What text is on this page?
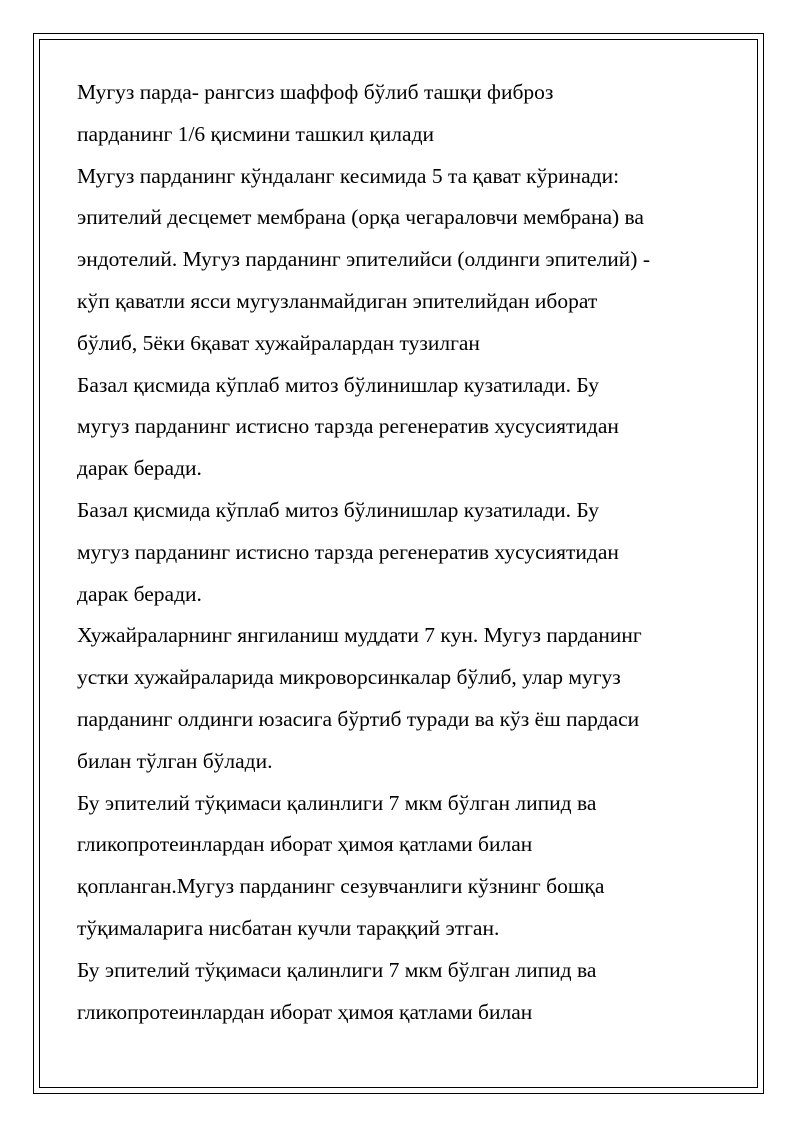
Мугуз парда- рангсиз шаффоф бўлиб ташқи фиброз
парданинг 1/6 қисмини ташкил қилади
Мугуз парданинг кўндаланг кесимида 5 та қават кўринади:
эпителий десцемет мембрана (орқа чегараловчи мембрана) ва
эндотелий. Мугуз парданинг эпителийси (олдинги эпителий) -
кўп қаватли ясси мугузланмайдиган эпителийдан иборат
бўлиб, 5ёки 6қават хужайралардан тузилган
Базал қисмида кўплаб митоз бўлинишлар кузатилади. Бу
мугуз парданинг истисно тарзда регенератив хусусиятидан
дарак беради.
Базал қисмида кўплаб митоз бўлинишлар кузатилади. Бу
мугуз парданинг истисно тарзда регенератив хусусиятидан
дарак беради.
Хужайраларнинг янгиланиш муддати 7 кун. Мугуз парданинг
устки хужайраларида микроворсинкалар бўлиб, улар мугуз
парданинг олдинги юзасига бўртиб туради ва кўз ёш пардаси
билан тўлган бўлади.
Бу эпителий тўқимаси қалинлиги 7 мкм бўлган липид ва
гликопротеинлардан иборат ҳимоя қатлами билан
қопланган.Мугуз парданинг сезувчанлиги кўзнинг бошқа
тўқималарига нисбатан кучли тараққий этган.
Бу эпителий тўқимаси қалинлиги 7 мкм бўлган липид ва
гликопротеинлардан иборат ҳимоя қатлами билан
